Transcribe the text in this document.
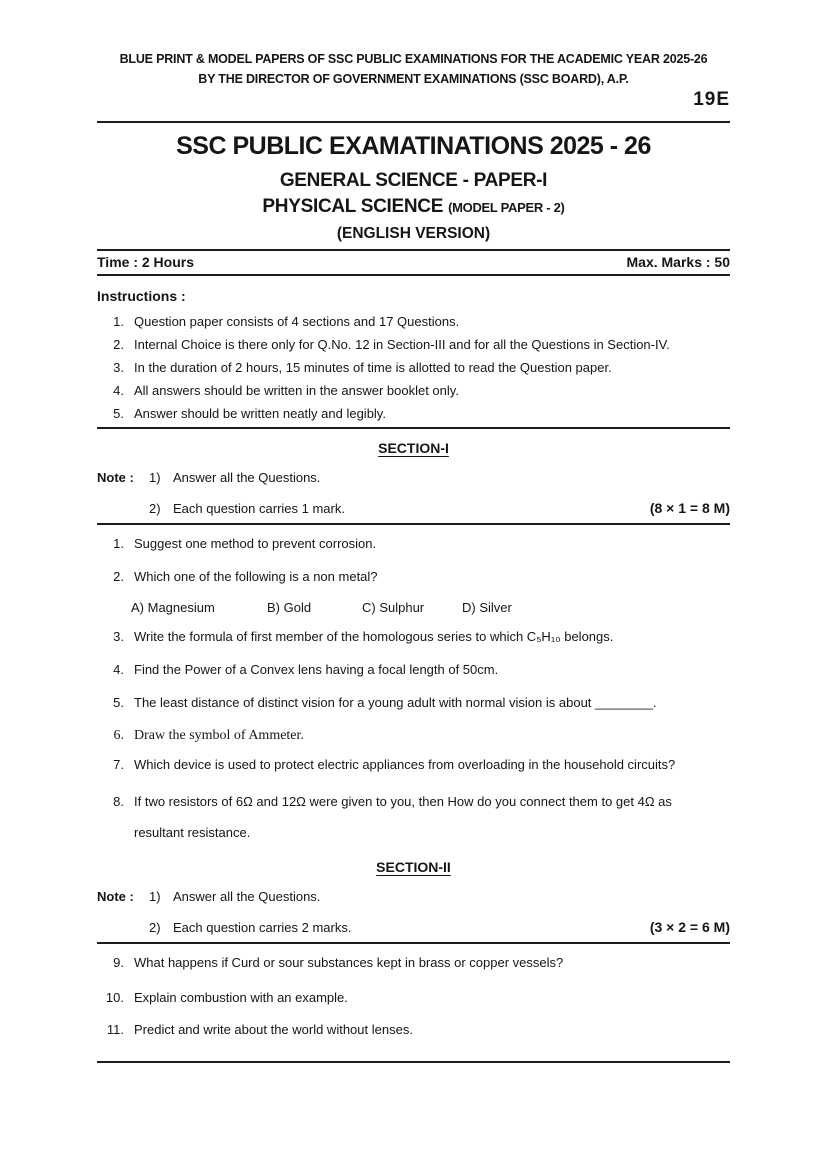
BLUE PRINT & MODEL PAPERS OF SSC PUBLIC EXAMINATIONS FOR THE ACADEMIC YEAR 2025-26
BY THE DIRECTOR OF GOVERNMENT EXAMINATIONS (SSC BOARD), A.P.
19E
SSC PUBLIC EXAMATINATIONS 2025 - 26
GENERAL SCIENCE - PAPER-I
PHYSICAL SCIENCE (MODEL PAPER - 2)
(ENGLISH VERSION)
Time : 2 Hours	Max. Marks : 50
Instructions :
1. Question paper consists of 4 sections and 17 Questions.
2. Internal Choice is there only for Q.No. 12 in Section-III and for all the Questions in Section-IV.
3. In the duration of 2 hours, 15 minutes of time is allotted to read the Question paper.
4. All answers should be written in the answer booklet only.
5. Answer should be written neatly and legibly.
SECTION-I
Note :	1) Answer all the Questions.
2) Each question carries 1 mark.	(8 × 1 = 8 M)
1. Suggest one method to prevent corrosion.
2. Which one of the following is a non metal?
A) Magnesium	B) Gold	C) Sulphur	D) Silver
3. Write the formula of first member of the homologous series to which C₅H₁₀ belongs.
4. Find the Power of a Convex lens having a focal length of 50cm.
5. The least distance of distinct vision for a young adult with normal vision is about ________.
6. Draw the symbol of Ammeter.
7. Which device is used to protect electric appliances from overloading in the household circuits?
8. If two resistors of 6Ω and 12Ω were given to you, then How do you connect them to get 4Ω as
resultant resistance.
SECTION-II
Note :	1) Answer all the Questions.
2) Each question carries 2 marks.	(3 × 2 = 6 M)
9. What happens if Curd or sour substances kept in brass or copper vessels?
10. Explain combustion with an example.
11. Predict and write about the world without lenses.
